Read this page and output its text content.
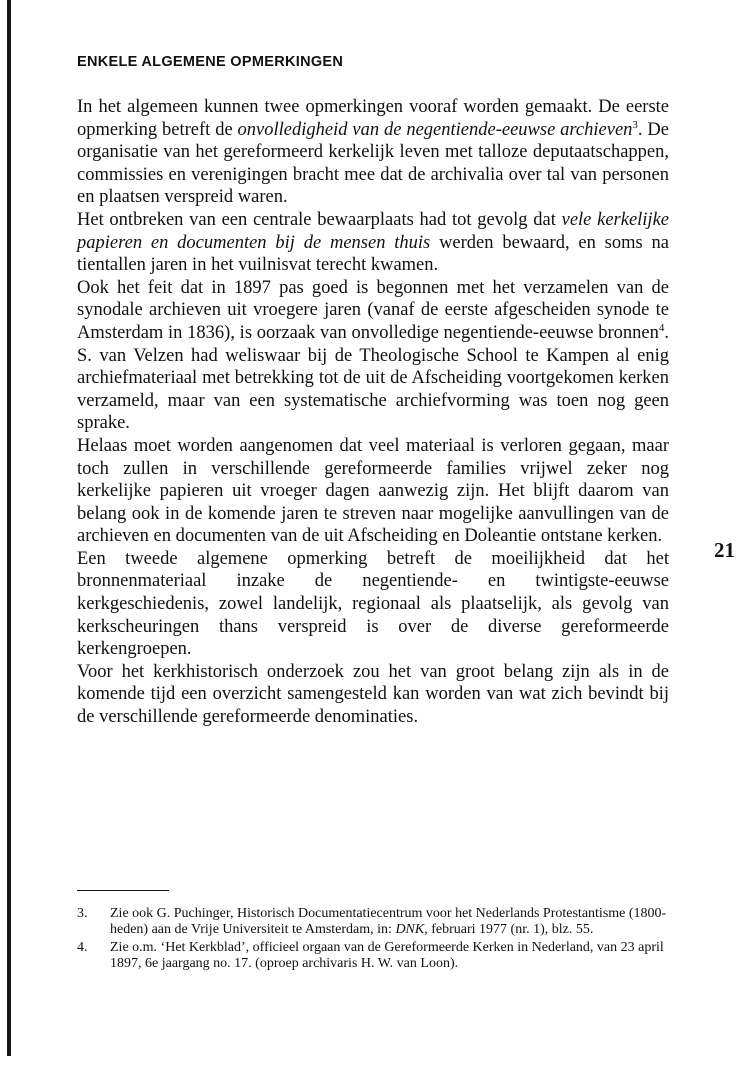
ENKELE ALGEMENE OPMERKINGEN

In het algemeen kunnen twee opmerkingen vooraf worden gemaakt. De eerste opmerking betreft de onvolledigheid van de negentiende-eeuwse archieven$^3$. De organisatie van het gereformeerd kerkelijk leven met talloze deputaatschappen, commissies en verenigingen bracht mee dat de archivalia over tal van personen en plaatsen verspreid waren.

Het ontbreken van een centrale bewaarplaats had tot gevolg dat vele kerkelijke papieren en documenten bij de mensen thuis werden bewaard, en soms na tientallen jaren in het vuilnisvat terecht kwamen.

Ook het feit dat in 1897 pas goed is begonnen met het verzamelen van de synodale archieven uit vroegere jaren (vanaf de eerste afgescheiden synode te Amsterdam in 1836), is oorzaak van onvolledige negentiende-eeuwse bronnen$^4$. S. van Velzen had weliswaar bij de Theologische School te Kampen al enig archiefmateriaal met betrekking tot de uit de Afscheiding voortgekomen kerken verzameld, maar van een systematische archiefvorming was toen nog geen sprake.

Helaas moet worden aangenomen dat veel materiaal is verloren gegaan, maar toch zullen in verschillende gereformeerde families vrijwel zeker nog kerkelijke papieren uit vroeger dagen aanwezig zijn. Het blijft daarom van belang ook in de komende jaren te streven naar mogelijke aanvullingen van de archieven en documenten van de uit Afscheiding en Doleantie ontstane kerken.

Een tweede algemene opmerking betreft de moeilijkheid dat het bronnenmateriaal inzake de negentiende- en twintigste-eeuwse kerkgeschiedenis, zowel landelijk, regionaal als plaatselijk, als gevolg van kerkscheuringen thans verspreid is over de diverse gereformeerde kerkengroepen.

Voor het kerkhistorisch onderzoek zou het van groot belang zijn als in de komende tijd een overzicht samengesteld kan worden van wat zich bevindt bij de verschillende gereformeerde denominaties.

21
3.	Zie ook G. Puchinger, Historisch Documentatiecentrum voor het Nederlands Protestantisme (1800-heden) aan de Vrije Universiteit te Amsterdam, in: DNK, februari 1977 (nr. 1), blz. 55.
4.	Zie o.m. ‘Het Kerkblad’, officieel orgaan van de Gereformeerde Kerken in Nederland, van 23 april 1897, 6e jaargang no. 17. (oproep archivaris H. W. van Loon).
